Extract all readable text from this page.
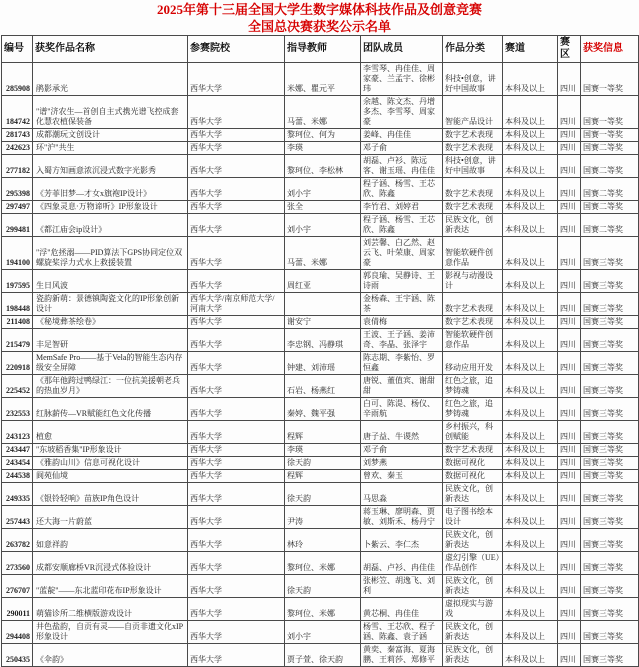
2025年第十三届全国大学生数字媒体科技作品及创意竞赛
全国总决赛获奖公示名单
编号	获奖作品名称	参赛院校	指导教师	团队成员	作品分类	赛道	赛区	获奖信息
285908	鹃影承光	西华大学	米娜、瞿元平	李雪琴、冉佳佳、周家豪、兰孟宇、徐彬玮	科技•创意，讲好中国故事	本科及以上	四川	国赛一等奖
184742	"谱"济农生—首创自主式携光谱飞控成套化慧农植保装备	西华大学	马蕾、米娜	余越、陈文杰、丹增多杰、李雪琴、周家豪	智能产品设计	本科及以上	四川	国赛一等奖
281743	成都潮玩文创设计	西华大学	黎珂位、何为	姜峰、冉佳佳	数字艺术表现	本科及以上	四川	国赛一等奖
242623	环"沪"共生	西华大学	李瑛	邓子俞	数字艺术表现	本科及以上	四川	国赛二等奖
277182	入蜀方知画意浓沉浸式数字光影秀	西华大学	黎珂位、李松林	胡磊、卢衫、陈远客、谢玉瑶、冉佳佳	科技•创意，讲好中国故事	本科及以上	四川	国赛二等奖
295398	《芳菲旧梦—才女x旗袍IP设计》	西华大学	刘小宇	程子涵、杨雪、王芯欣、陈鑫	数字艺术表现	本科及以上	四川	国赛二等奖
297497	《四象灵息·万物谛听》IP形象设计	西华大学	张全	李竹君、刘婷君	数字艺术表现	本科及以上	四川	国赛二等奖
299481	《都江庙会ip设计》	西华大学	刘小宇	程子涵、杨雪、王芯欣、陈鑫	民族文化，创新表达	本科及以上	四川	国赛二等奖
194100	"浮"危拯溺——PID算法下GPS协同定位双螺旋桨浮力式水上救援装置	西华大学	马蕾、米娜	刘芸馨、白乙然、赵云飞、叶荣康、周家豪	智能软硬件创意作品	本科及以上	四川	国赛三等奖
197595	生日风波	西华大学	周红亚	郭良瑜、吴静诗、王诗雨	影视与动漫设计	本科及以上	四川	国赛三等奖
198448	瓷韵新萌：景德镇陶瓷文化的IP形象创新设计	西华大学/南京师范大学/河南大学		金杨森、王宇涵、陈茶	数字艺术表现	本科及以上	四川	国赛三等奖
211408	《秘境彝茶绘卷》	西华大学	谢安宁	袁倩梅	数字艺术表现	本科及以上	四川	国赛三等奖
215479	丰足智研	西华大学	李忠钢、冯静琪	王波、王子涵、姜沛奇、李晶、张泽宇	智能软硬件创意作品	本科及以上	四川	国赛三等奖
220918	MemSafe Pro——基于Vela的智能生态内存级安全屏障	西华大学	钟建、刘沛瑶	陈志期、李紫怡、罗恒鑫	移动应用开发	本科及以上	四川	国赛三等奖
225452	《那年他跨过鸭绿江：一位抗美援朝老兵的热血岁月》	西华大学	石岩、杨燕红	唐锐、董值宾、谢甜甜	红色之旅，追梦铸魂	本科及以上	四川	国赛三等奖
232553	红脉薪传—VR赋能红色文化传播	西华大学	秦婷、魏平强	白可、陈湜、杨仪、辛雨航	红色之旅，追梦铸魂	本科及以上	四川	国赛三等奖
243123	植愈	西华大学	程辉	唐子益、牛谡然	乡村振兴，科创赋能	本科及以上	四川	国赛三等奖
243447	"东坡稻香集"IP形象设计	西华大学	李瑛	邓子俞	数字艺术表现	本科及以上	四川	国赛三等奖
243454	《雅韵山川》信息可视化设计	西华大学	徐天韵	刘梦燕	数据可视化	本科及以上	四川	国赛三等奖
244538	阆苑仙境	西华大学	程辉	曾欢、秦玉	数据可视化	本科及以上	四川	国赛三等奖
249335	《银铃轻响》苗族IP角色设计	西华大学	徐天韵	马思淼	民族文化，创新表达	本科及以上	四川	国赛三等奖
257443	还大海一片蔚蓝	西华大学	尹涛	蒋玉琳、廖明森、贾敏、刘斯禾、杨丹宁	电子图书绘本设计	本科及以上	四川	国赛三等奖
263782	如意祥韵	西华大学	林玲	卜紫云、李仁杰	民族文化，创新表达	本科及以上	四川	国赛三等奖
273560	成都安顺廊桥VR沉浸式体验设计	西华大学	黎珂位、米娜	胡磊、卢衫、冉佳佳	虚幻引擎（UE）作品创作	本科及以上	四川	国赛三等奖
276707	"蓝靛"——东北蓝印花布IP形象设计	西华大学	徐天韵	张彬笠、胡逸飞、刘利	民族文化，创新表达	本科及以上	四川	国赛三等奖
290011	萌猫诊所二维横版游戏设计	西华大学	黎珂位、米娜	黄芯桐、冉佳佳	虚拟现实与游戏	本科及以上	四川	国赛三等奖
294408	井色盐韵，自贡有灵——自贡非遗文化xIP形象设计	西华大学	刘小宇	杨雪、王芯欣、程子涵、陈鑫、袁子涵	民族文化，创新表达	本科及以上	四川	国赛三等奖
250435	《伞韵》	西华大学	贾子萱、徐天韵	黄奕、秦富海、夏海鹏、王莉莎、郑修平	民族文化，创新表达	本科及以上	四川	国赛三等奖
